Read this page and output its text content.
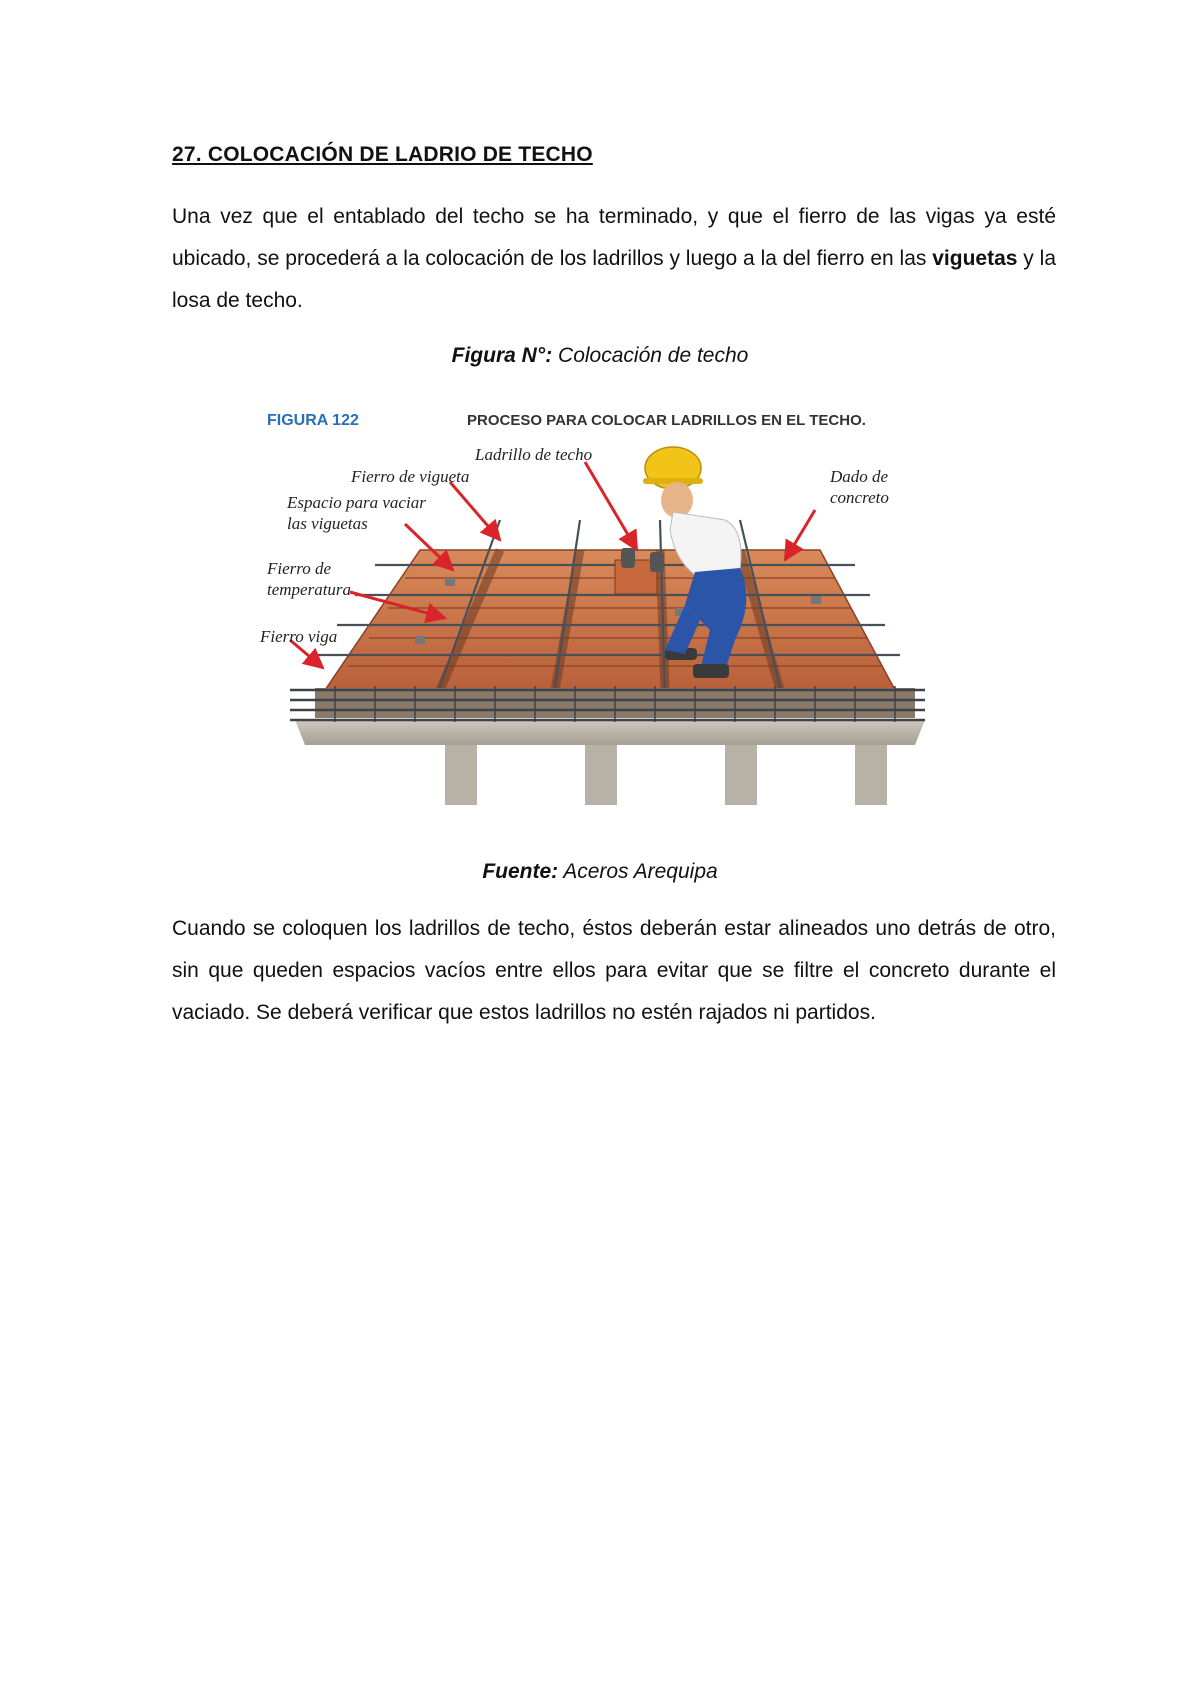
27. COLOCACIÓN DE LADRIO DE TECHO
Una vez que el entablado del techo se ha terminado, y que el fierro de las vigas ya esté ubicado, se procederá a la colocación de los ladrillos y luego a la del fierro en las viguetas y la losa de techo.
Figura N°: Colocación de techo
FIGURA 122	PROCESO PARA COLOCAR LADRILLOS EN EL TECHO.
Ladrillo de techo
Fierro de vigueta
Espacio para vaciar las viguetas
Fierro de temperatura
Fierro viga
Dado de concreto
Fuente: Aceros Arequipa
Cuando se coloquen los ladrillos de techo, éstos deberán estar alineados uno detrás de otro, sin que queden espacios vacíos entre ellos para evitar que se filtre el concreto durante el vaciado. Se deberá verificar que estos ladrillos no estén rajados ni partidos.
